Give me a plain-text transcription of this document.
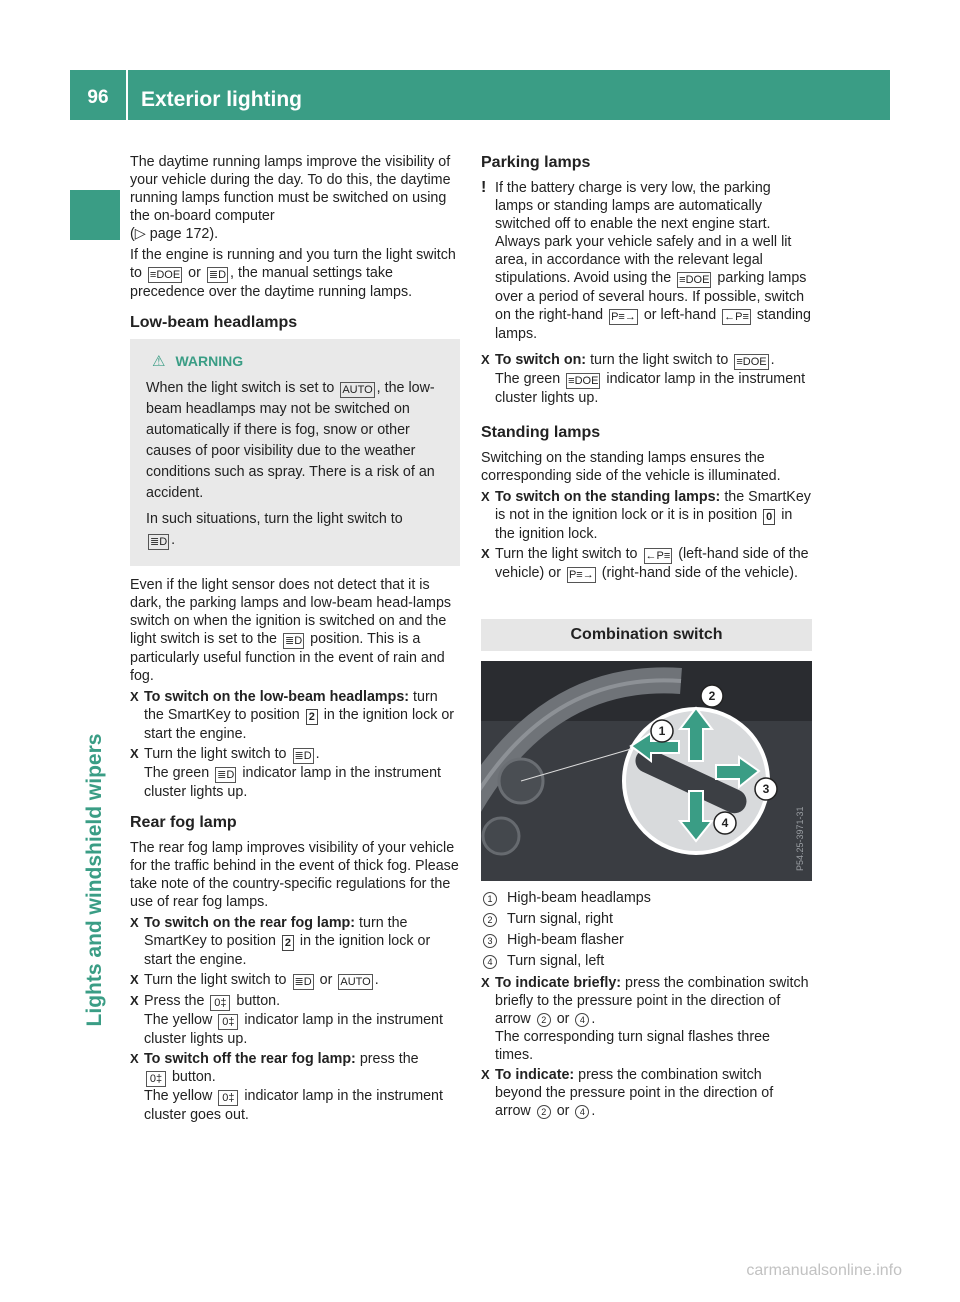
96	Exterior lighting
Lights and windshield wipers

The daytime running lamps improve the visibility of your vehicle during the day. To do this, the daytime running lamps function must be switched on using the on-board computer
(▷ page 172).

If the engine is running and you turn the light switch to ≡DOE or ≣D , the manual settings take precedence over the daytime running lamps.

Low-beam headlamps
⚠ WARNING

When the light switch is set to AUTO , the low-beam headlamps may not be switched on automatically if there is fog, snow or other causes of poor visibility due to the weather conditions such as spray. There is a risk of an accident.

In such situations, turn the light switch to
≣D .

Even if the light sensor does not detect that it is dark, the parking lamps and low-beam head-lamps switch on when the ignition is switched on and the light switch is set to the ≣D position. This is a particularly useful function in the event of rain and fog.

X To switch on the low-beam headlamps: turn the SmartKey to position 2 in the ignition lock or start the engine.
X Turn the light switch to ≣D .
The green ≣D indicator lamp in the instrument cluster lights up.
Rear fog lamp

The rear fog lamp improves visibility of your vehicle for the traffic behind in the event of thick fog. Please take note of the country-specific regulations for the use of rear fog lamps.

X To switch on the rear fog lamp: turn the SmartKey to position 2 in the ignition lock or start the engine.
X Turn the light switch to ≣D or AUTO .
X Press the 0‡ button.
The yellow 0‡ indicator lamp in the instrument cluster lights up.
X To switch off the rear fog lamp: press the
0‡ button.
The yellow 0‡ indicator lamp in the instrument cluster goes out.
Parking lamps
! If the battery charge is very low, the parking lamps or standing lamps are automatically switched off to enable the next engine start. Always park your vehicle safely and in a well lit area, in accordance with the relevant legal stipulations. Avoid using the ≡DOE parking lamps over a period of several hours. If possible, switch on the right-hand P≡→ or left-hand ←P≡ standing lamps.
X To switch on: turn the light switch to ≡DOE .
The green ≡DOE indicator lamp in the instrument cluster lights up.
Standing lamps

Switching on the standing lamps ensures the corresponding side of the vehicle is illuminated.

X To switch on the standing lamps: the SmartKey is not in the ignition lock or it is in position 0 in the ignition lock.
X Turn the light switch to ←P≡ (left-hand side of the vehicle) or P≡→ (right-hand side of the vehicle).
Combination switch
1
2
3
4	P54.25-3971-31
1	High-beam headlamps
2	Turn signal, right
3	High-beam flasher
4	Turn signal, left
X To indicate briefly: press the combination switch briefly to the pressure point in the direction of arrow 2 or 4 .
The corresponding turn signal flashes three times.
X To indicate: press the combination switch beyond the pressure point in the direction of arrow 2 or 4 .
carmanualsonline.info
